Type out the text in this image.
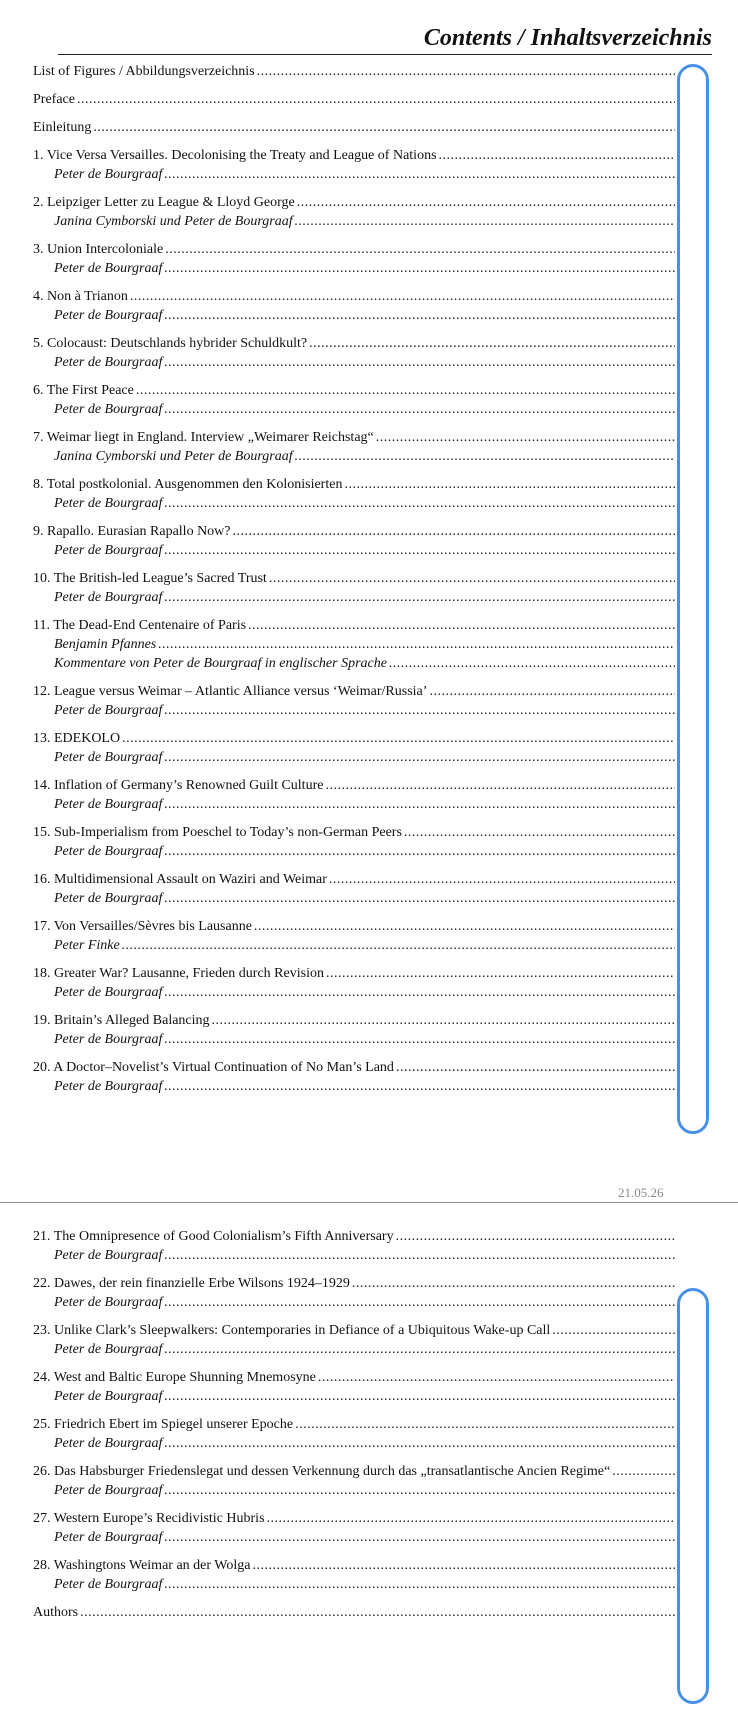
Contents / Inhaltsverzeichnis
List of Figures / Abbildungsverzeichnis
.....
Preface
.....
Einleitung
.....
1. Vice Versa Versailles. Decolonising the Treaty and League of Nations
.....
Peter de Bourgraaf
.....
2. Leipziger Letter zu League & Lloyd George
.....
Janina Cymborski und Peter de Bourgraaf
.....
3. Union Intercoloniale
.....
Peter de Bourgraaf
.....
4. Non à Trianon
.....
Peter de Bourgraaf
.....
5. Colocaust: Deutschlands hybrider Schuldkult?
.....
Peter de Bourgraaf
.....
6. The First Peace
.....
Peter de Bourgraaf
.....
7. Weimar liegt in England. Interview „Weimarer Reichstag“
.....
Janina Cymborski und Peter de Bourgraaf
.....
8. Total postkolonial. Ausgenommen den Kolonisierten
.....
Peter de Bourgraaf
.....
9. Rapallo. Eurasian Rapallo Now?
.....
Peter de Bourgraaf
.....
10. The British-led League’s Sacred Trust
.....
Peter de Bourgraaf
.....
11. The Dead-End Centenaire of Paris
.....
Benjamin Pfannes
.....
Kommentare von Peter de Bourgraaf in englischer Sprache
.....
12. League versus Weimar – Atlantic Alliance versus ‘Weimar/Russia’
.....
Peter de Bourgraaf
.....
13. EDEKOLO
.....
Peter de Bourgraaf
.....
14. Inflation of Germany’s Renowned Guilt Culture
.....
Peter de Bourgraaf
.....
15. Sub-Imperialism from Poeschel to Today’s non-German Peers
.....
Peter de Bourgraaf
.....
16. Multidimensional Assault on Waziri and Weimar
.....
Peter de Bourgraaf
.....
17. Von Versailles/Sèvres bis Lausanne
.....
Peter Finke
.....
18. Greater War? Lausanne, Frieden durch Revision
.....
Peter de Bourgraaf
.....
19. Britain’s Alleged Balancing
.....
Peter de Bourgraaf
.....
20. A Doctor–Novelist’s Virtual Continuation of No Man’s Land
.....
Peter de Bourgraaf
.....
21.05.26
21. The Omnipresence of Good Colonialism’s Fifth Anniversary
.....
Peter de Bourgraaf
.....
22. Dawes, der rein finanzielle Erbe Wilsons 1924–1929
.....
Peter de Bourgraaf
.....
23. Unlike Clark’s Sleepwalkers: Contemporaries in Defiance of a Ubiquitous Wake-up Call
.....
Peter de Bourgraaf
.....
24. West and Baltic Europe Shunning Mnemosyne
.....
Peter de Bourgraaf
.....
25. Friedrich Ebert im Spiegel unserer Epoche
.....
Peter de Bourgraaf
.....
26. Das Habsburger Friedenslegat und dessen Verkennung durch das „transatlantische Ancien Regime“
.....
Peter de Bourgraaf
.....
27. Western Europe’s Recidivistic Hubris
.....
Peter de Bourgraaf
.....
28. Washingtons Weimar an der Wolga
.....
Peter de Bourgraaf
.....
Authors
.....
